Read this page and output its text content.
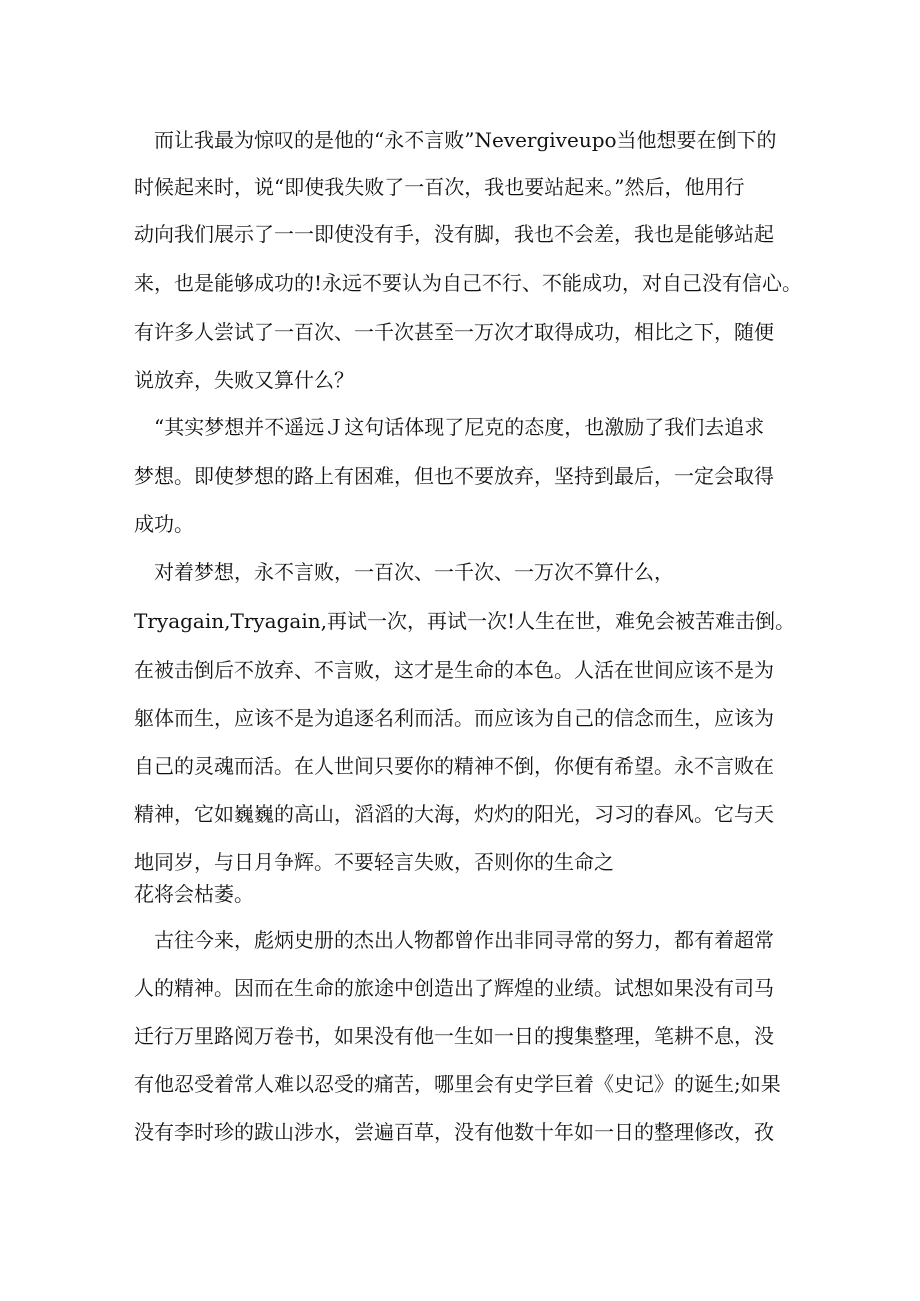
　而让我最为惊叹的是他的“永不言败”Nevergiveupo当他想要在倒下的
时候起来时，说“即使我失败了一百次，我也要站起来。”然后，他用行
动向我们展示了一一即使没有手，没有脚，我也不会差，我也是能够站起
来，也是能够成功的!永远不要认为自己不行、不能成功，对自己没有信心。
有许多人尝试了一百次、一千次甚至一万次才取得成功，相比之下，随便
说放弃，失败又算什么？
　“其实梦想并不遥远Ｊ这句话体现了尼克的态度，也激励了我们去追求
梦想。即使梦想的路上有困难，但也不要放弃，坚持到最后，一定会取得
成功。
　对着梦想，永不言败，一百次、一千次、一万次不算什么，
Tryagain,Tryagain,再试一次，再试一次!人生在世，难免会被苦难击倒。
在被击倒后不放弃、不言败，这才是生命的本色。人活在世间应该不是为
躯体而生，应该不是为追逐名利而活。而应该为自己的信念而生，应该为
自己的灵魂而活。在人世间只要你的精神不倒，你便有希望。永不言败在
精神，它如巍巍的高山，滔滔的大海，灼灼的阳光，习习的春风。它与天
地同岁，与日月争辉。不要轻言失败，否则你的生命之
花将会枯萎。
　古往今来，彪炳史册的杰出人物都曾作出非同寻常的努力，都有着超常
人的精神。因而在生命的旅途中创造出了辉煌的业绩。试想如果没有司马
迁行万里路阅万卷书，如果没有他一生如一日的搜集整理，笔耕不息，没
有他忍受着常人难以忍受的痛苦，哪里会有史学巨着《史记》的诞生;如果
没有李时珍的跋山涉水，尝遍百草，没有他数十年如一日的整理修改，孜
